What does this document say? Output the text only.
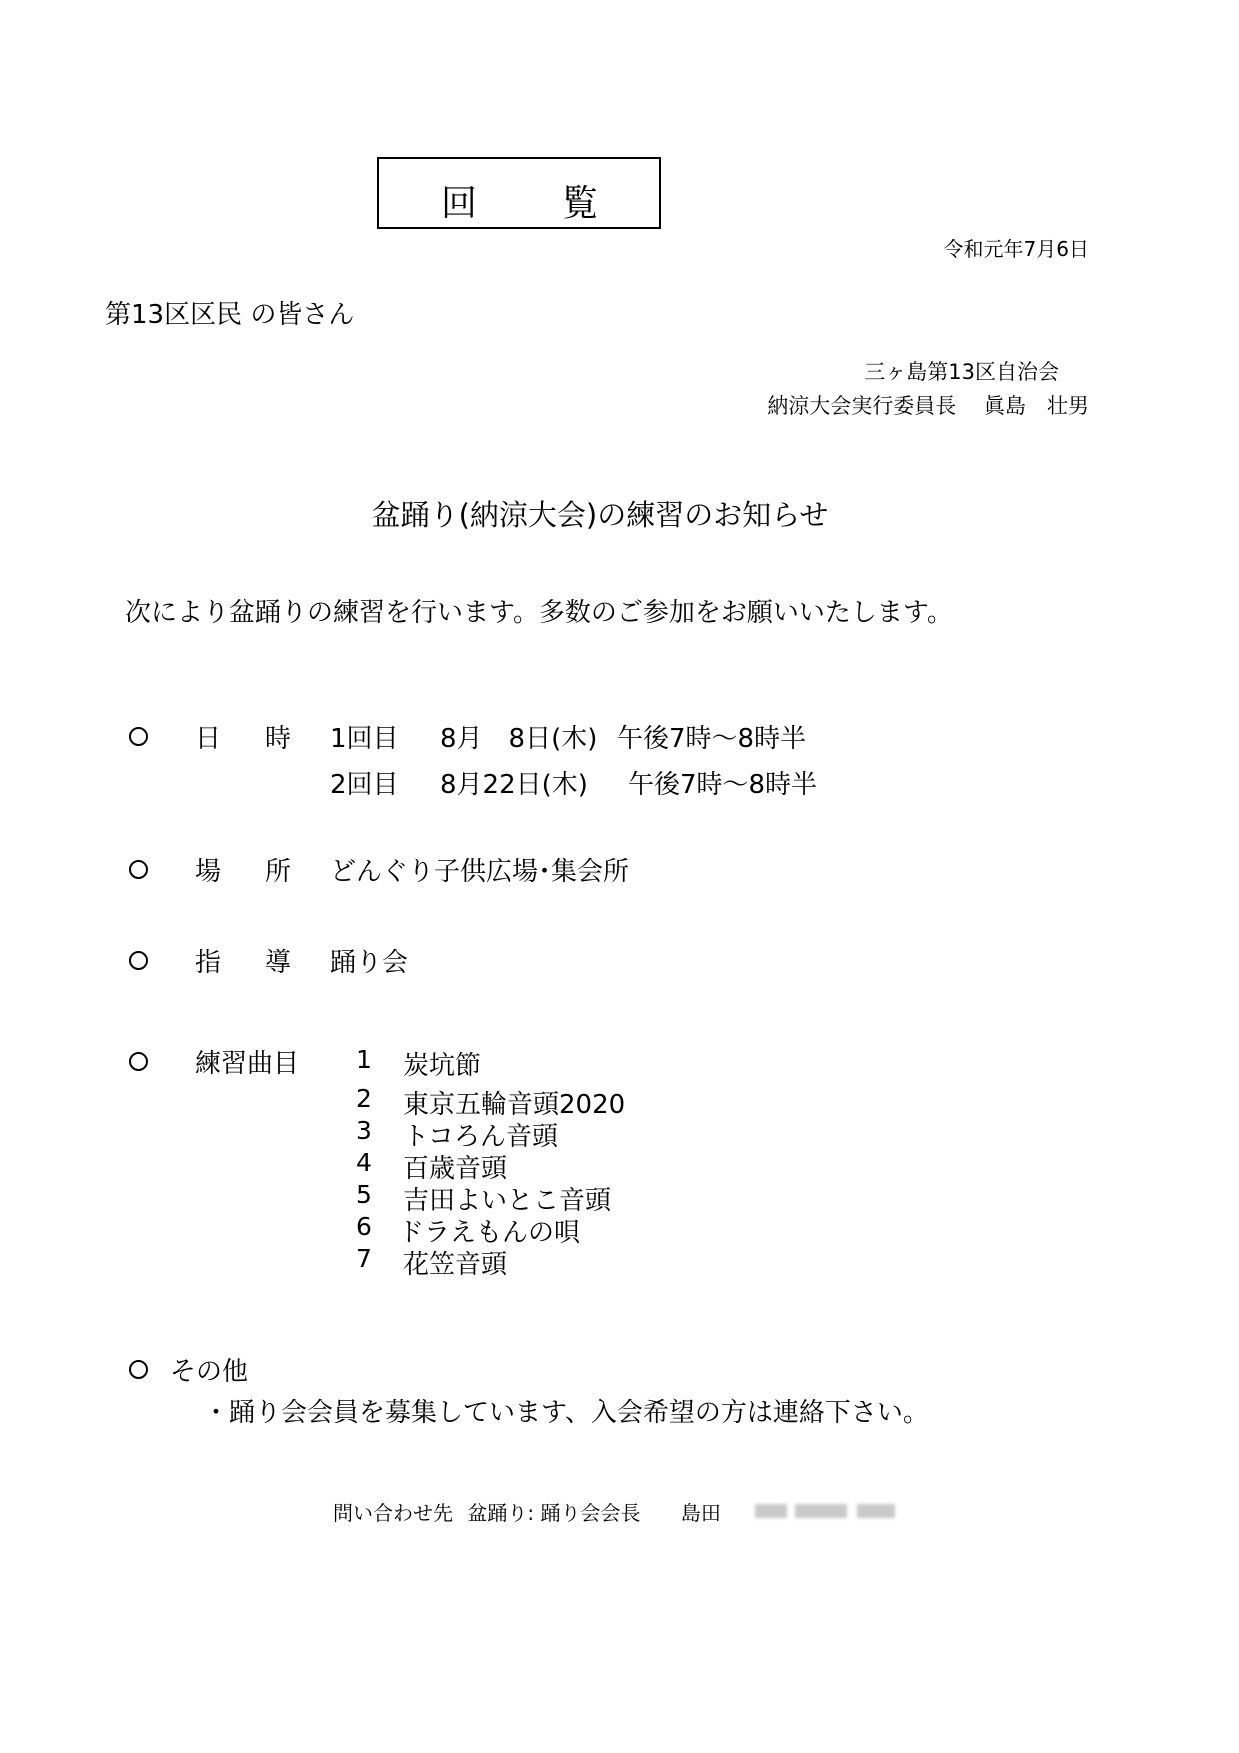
回 覧
令和元年7月6日
第13区区民 の皆さん
三ヶ島第13区自治会
納涼大会実行委員長　 眞島　壮男
盆踊り(納涼大会)の練習のお知らせ
次により盆踊りの練習を行います。多数のご参加をお願いいたします。
日 時 1回目 8月　8日(木) 午後7時～8時半
2回目 8月22日(木) 午後7時～8時半
場 所 どんぐり子供広場･集会所
指 導 踊り会
練習曲目 1 炭坑節
2 東京五輪音頭2020
3 トコろん音頭
4 百歳音頭
5 吉田よいとこ音頭
6 ドラえもんの唄
7 花笠音頭
その他
・踊り会会員を募集しています、入会希望の方は連絡下さい。
問い合わせ先 盆踊り: 踊り会会長 島田
